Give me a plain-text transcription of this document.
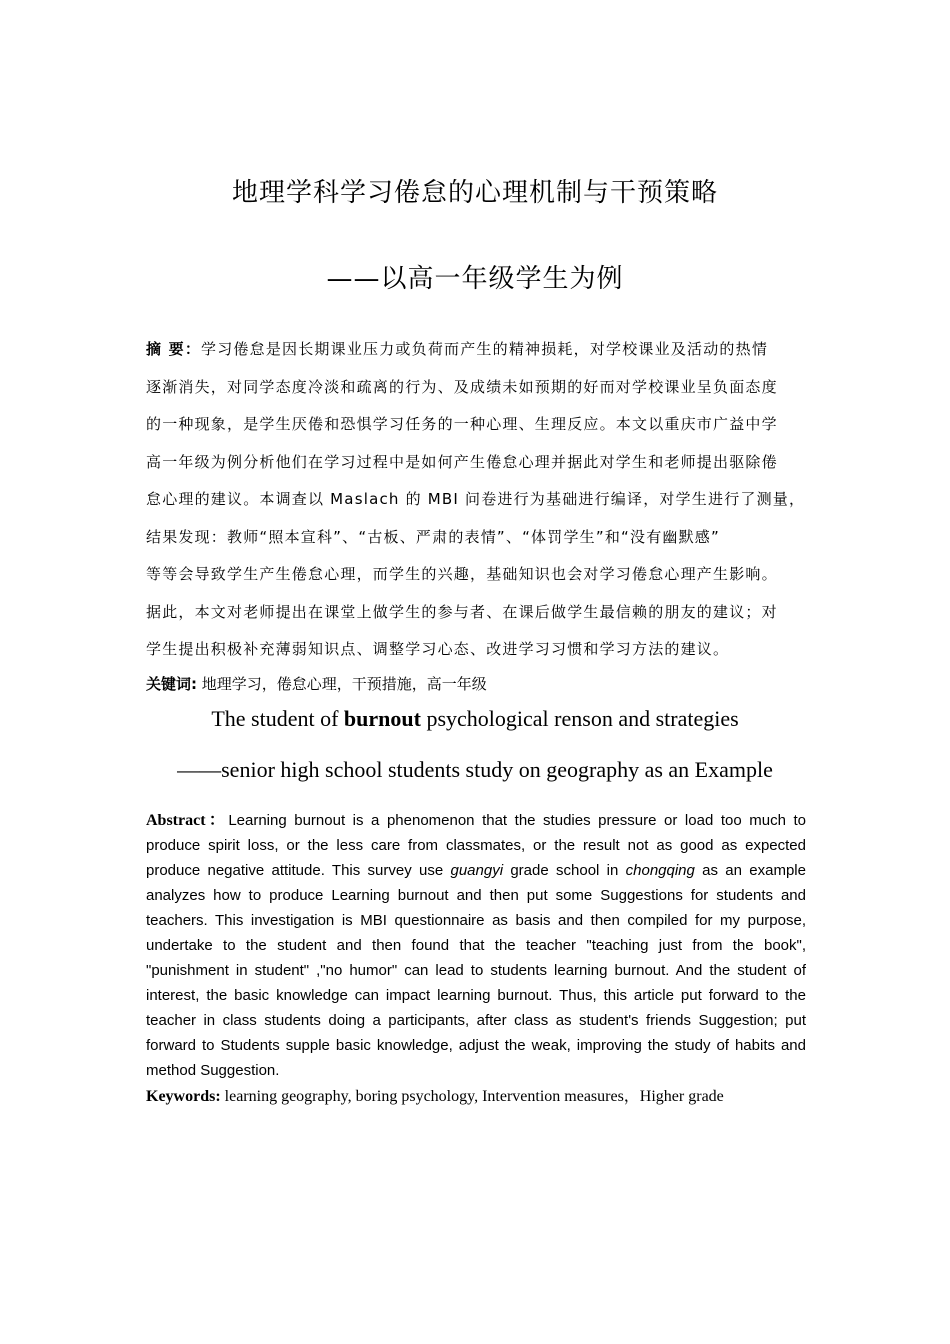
地理学科学习倦怠的心理机制与干预策略
——以高一年级学生为例
摘 要：学习倦怠是因长期课业压力或负荷而产生的精神损耗，对学校课业及活动的热情
逐渐消失，对同学态度冷淡和疏离的行为、及成绩未如预期的好而对学校课业呈负面态度
的一种现象，是学生厌倦和恐惧学习任务的一种心理、生理反应。本文以重庆市广益中学
高一年级为例分析他们在学习过程中是如何产生倦怠心理并据此对学生和老师提出驱除倦
怠心理的建议。本调查以 Maslach 的 MBI 问卷进行为基础进行编译，对学生进行了测量，
结果发现：教师“照本宣科”、“古板、严肃的表情”、“体罚学生”和“没有幽默感”
等等会导致学生产生倦怠心理，而学生的兴趣，基础知识也会对学习倦怠心理产生影响。
据此，本文对老师提出在课堂上做学生的参与者、在课后做学生最信赖的朋友的建议；对
学生提出积极补充薄弱知识点、调整学习心态、改进学习习惯和学习方法的建议。
关键词: 地理学习，倦怠心理，干预措施，高一年级
The student of burnout psychological renson and strategies
——senior high school students study on geography as an Example
Abstract：Learning burnout is a phenomenon that the studies pressure or load too much to
produce spirit loss, or the less care from classmates, or the result not as good as expected
produce negative attitude. This survey use guangyi grade school in chongqing as an example
analyzes how to produce Learning burnout and then put some Suggestions for students and
teachers. This investigation is MBI questionnaire as basis and then compiled for my purpose,
undertake to the student and then found that the teacher "teaching just from the book",
"punishment in student" ,"no humor" can lead to students learning burnout. And the student of
interest, the basic knowledge can impact learning burnout. Thus, this article put forward to the
teacher in class students doing a participants, after class as student's friends Suggestion; put
forward to Students supple basic knowledge, adjust the weak, improving the study of habits and
method Suggestion.
Keywords: learning geography, boring psychology, Intervention measures，Higher grade
